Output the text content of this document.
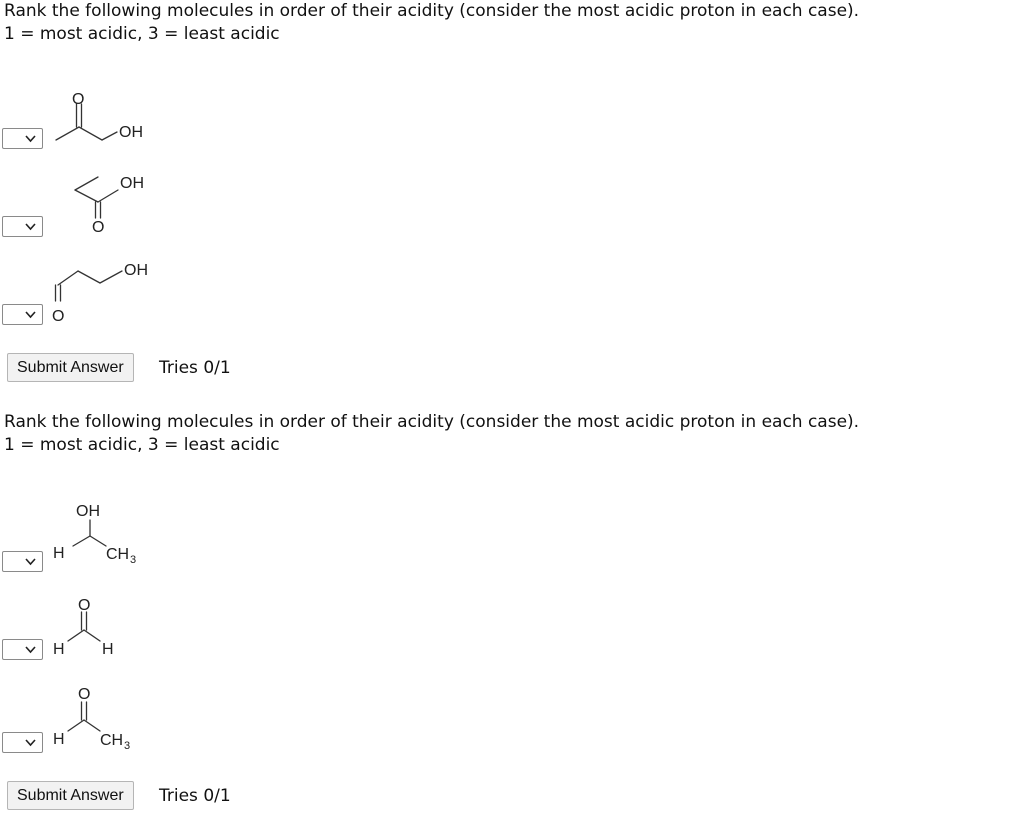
Rank the following molecules in order of their acidity (consider the most acidic proton in each case).
1 = most acidic, 3 = least acidic

O
OH
OH
O
OH
O
Submit Answer	Tries 0/1

Rank the following molecules in order of their acidity (consider the most acidic proton in each case).
1 = most acidic, 3 = least acidic

OH
H	CH 3
O
H H
O
H CH 3
Submit Answer	Tries 0/1
